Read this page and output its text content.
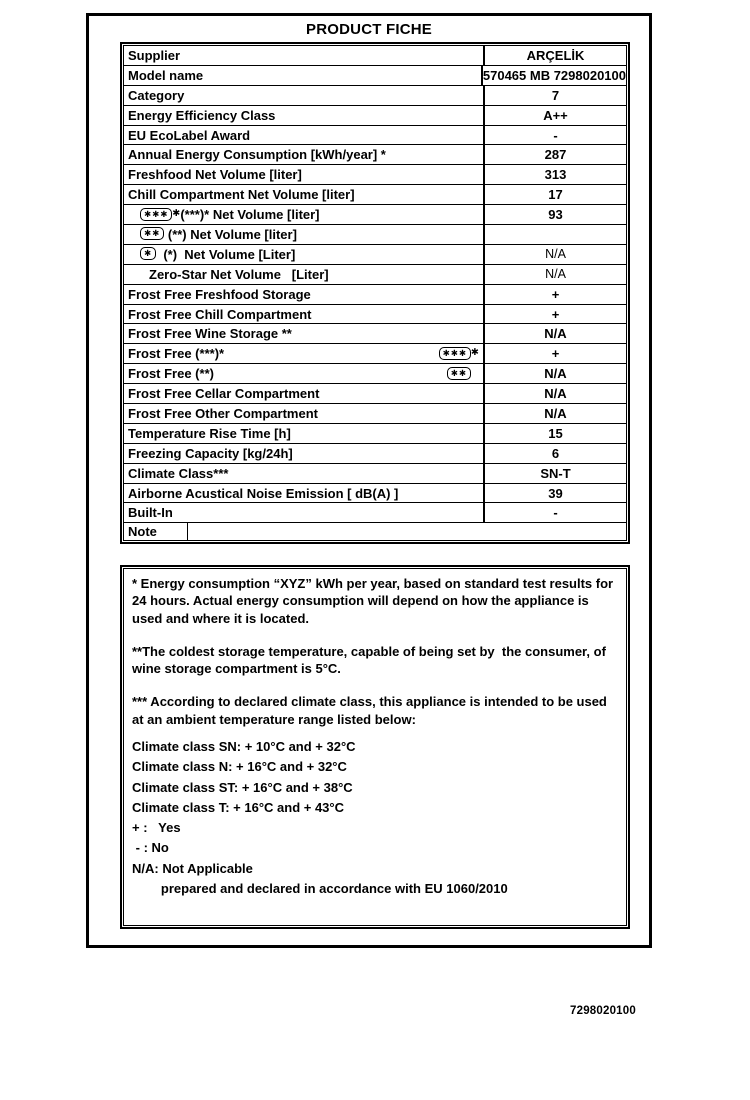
PRODUCT FICHE
Supplier	ARÇELİK
Model name	570465 MB 7298020100
Category	7
Energy Efficiency Class	A++
EU EcoLabel Award	-
Annual Energy Consumption [kWh/year] *	287
Freshfood Net Volume [liter]	313
Chill Compartment Net Volume [liter]	17
✱✱✱ ✱ (***)* Net Volume [liter]	93
✱✱ (**) Net Volume [liter]
✱ (*)  Net Volume [Liter]	N/A
Zero-Star Net Volume   [Liter]	N/A
Frost Free Freshfood Storage	+
Frost Free Chill Compartment	+
Frost Free Wine Storage **	N/A
Frost Free (***)*	✱✱✱ ✱	+
Frost Free (**)	✱✱	N/A
Frost Free Cellar Compartment	N/A
Frost Free Other Compartment	N/A
Temperature Rise Time [h]	15
Freezing Capacity [kg/24h]	6
Climate Class***	SN-T
Airborne Acustical Noise Emission [ dB(A) ]	39
Built-In	-
Note
* Energy consumption “XYZ” kWh per year, based on standard test results for 24 hours. Actual energy consumption will depend on how the appliance is used and where it is located.
**The coldest storage temperature, capable of being set by  the consumer, of wine storage compartment is 5°C.
*** According to declared climate class, this appliance is intended to be used at an ambient temperature range listed below:
Climate class SN: + 10°C and + 32°C
Climate class N: + 16°C and + 32°C
Climate class ST: + 16°C and + 38°C
Climate class T: + 16°C and + 43°C
+ :   Yes
- : No
N/A: Not Applicable
prepared and declared in accordance with EU 1060/2010
7298020100
